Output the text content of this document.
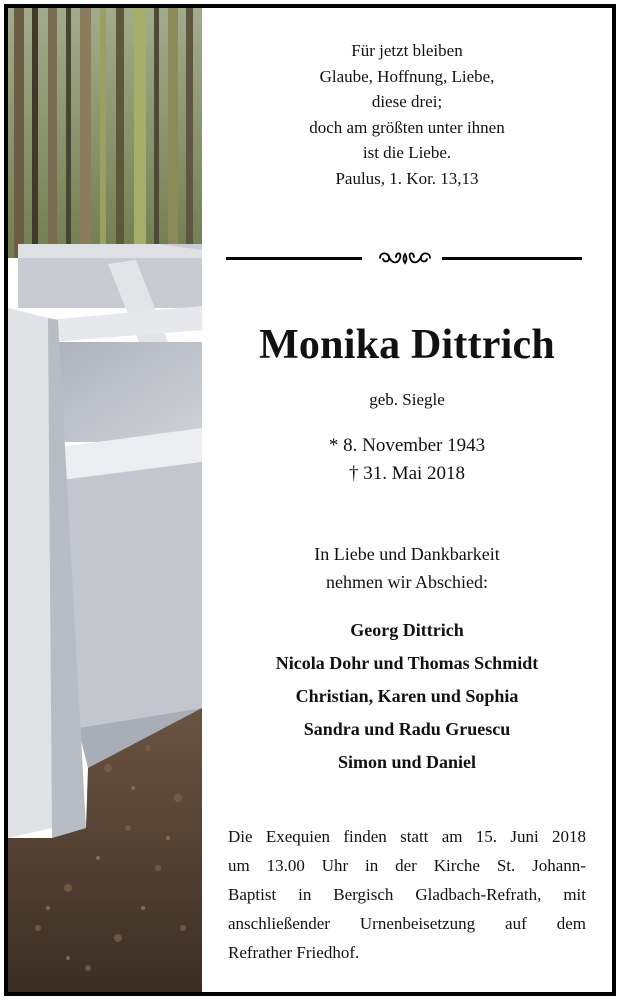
Für jetzt bleiben
Glaube, Hoffnung, Liebe,
diese drei;
doch am größten unter ihnen
ist die Liebe.
Paulus, 1. Kor. 13,13
Monika Dittrich
geb. Siegle
* 8. November 1943
† 31. Mai 2018
In Liebe und Dankbarkeit
nehmen wir Abschied:
Georg Dittrich
Nicola Dohr und Thomas Schmidt
Christian, Karen und Sophia
Sandra und Radu Gruescu
Simon und Daniel
Die Exequien finden statt am 15. Juni 2018
um 13.00 Uhr in der Kirche St. Johann-
Baptist in Bergisch Gladbach-Refrath, mit
anschließender Urnenbeisetzung auf dem
Refrather Friedhof.
